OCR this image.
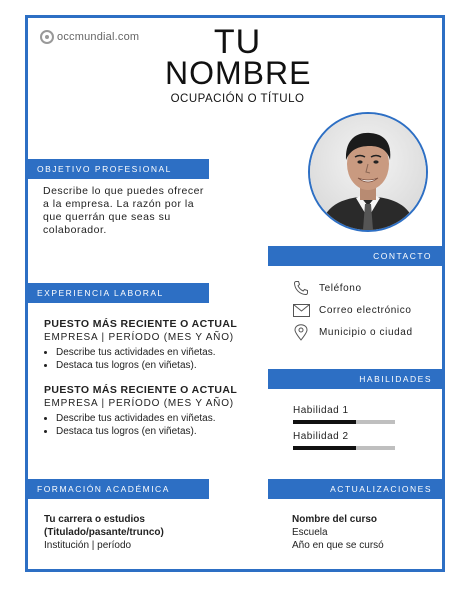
occmundial.com	TU
NOMBRE
OCUPACIÓN O TÍTULO
OBJETIVO PROFESIONAL
Describe lo que puedes ofrecer
a la empresa. La razón por la
que querrán que seas su
colaborador.
EXPERIENCIA LABORAL
PUESTO MÁS RECIENTE O ACTUAL
EMPRESA | PERÍODO (MES Y AÑO)
• Describe tus actividades en viñetas.
• Destaca tus logros (en viñetas).
PUESTO MÁS RECIENTE O ACTUAL
EMPRESA | PERÍODO (MES Y AÑO)
• Describe tus actividades en viñetas.
• Destaca tus logros (en viñetas).
FORMACIÓN ACADÉMICA
Tu carrera o estudios
(Titulado/pasante/trunco)
Institución | período
CONTACTO
Teléfono
Correo electrónico
Municipio o ciudad
HABILIDADES
Habilidad 1
Habilidad 2
ACTUALIZACIONES
Nombre del curso
Escuela
Año en que se cursó
